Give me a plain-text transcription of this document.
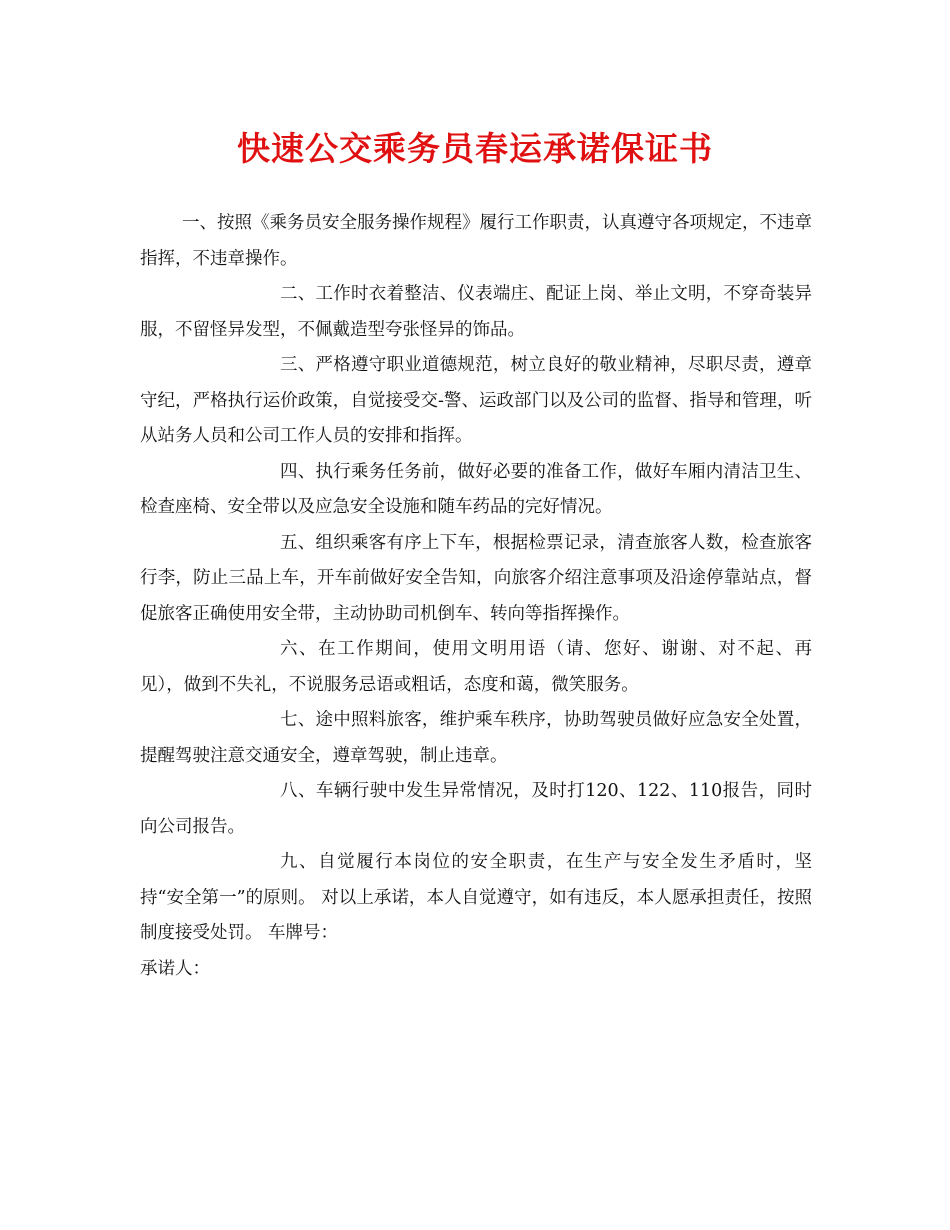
快速公交乘务员春运承诺保证书

一、按照《乘务员安全服务操作规程》履行工作职责，认真遵守各项规定，不违章指挥，不违章操作。

二、工作时衣着整洁、仪表端庄、配证上岗、举止文明，不穿奇装异服，不留怪异发型，不佩戴造型夸张怪异的饰品。

三、严格遵守职业道德规范，树立良好的敬业精神，尽职尽责，遵章守纪，严格执行运价政策，自觉接受交-警、运政部门以及公司的监督、指导和管理，听从站务人员和公司工作人员的安排和指挥。

四、执行乘务任务前，做好必要的准备工作，做好车厢内清洁卫生、检查座椅、安全带以及应急安全设施和随车药品的完好情况。

五、组织乘客有序上下车，根据检票记录，清查旅客人数，检查旅客行李，防止三品上车，开车前做好安全告知，向旅客介绍注意事项及沿途停靠站点，督促旅客正确使用安全带，主动协助司机倒车、转向等指挥操作。

六、在工作期间，使用文明用语（请、您好、谢谢、对不起、再见），做到不失礼，不说服务忌语或粗话，态度和蔼，微笑服务。

七、途中照料旅客，维护乘车秩序，协助驾驶员做好应急安全处置，提醒驾驶注意交通安全，遵章驾驶，制止违章。

八、车辆行驶中发生异常情况，及时打120、122、110报告，同时向公司报告。

九、自觉履行本岗位的安全职责，在生产与安全发生矛盾时，坚持“安全第一”的原则。 对以上承诺，本人自觉遵守，如有违反，本人愿承担责任，按照制度接受处罚。 车牌号：

承诺人：
